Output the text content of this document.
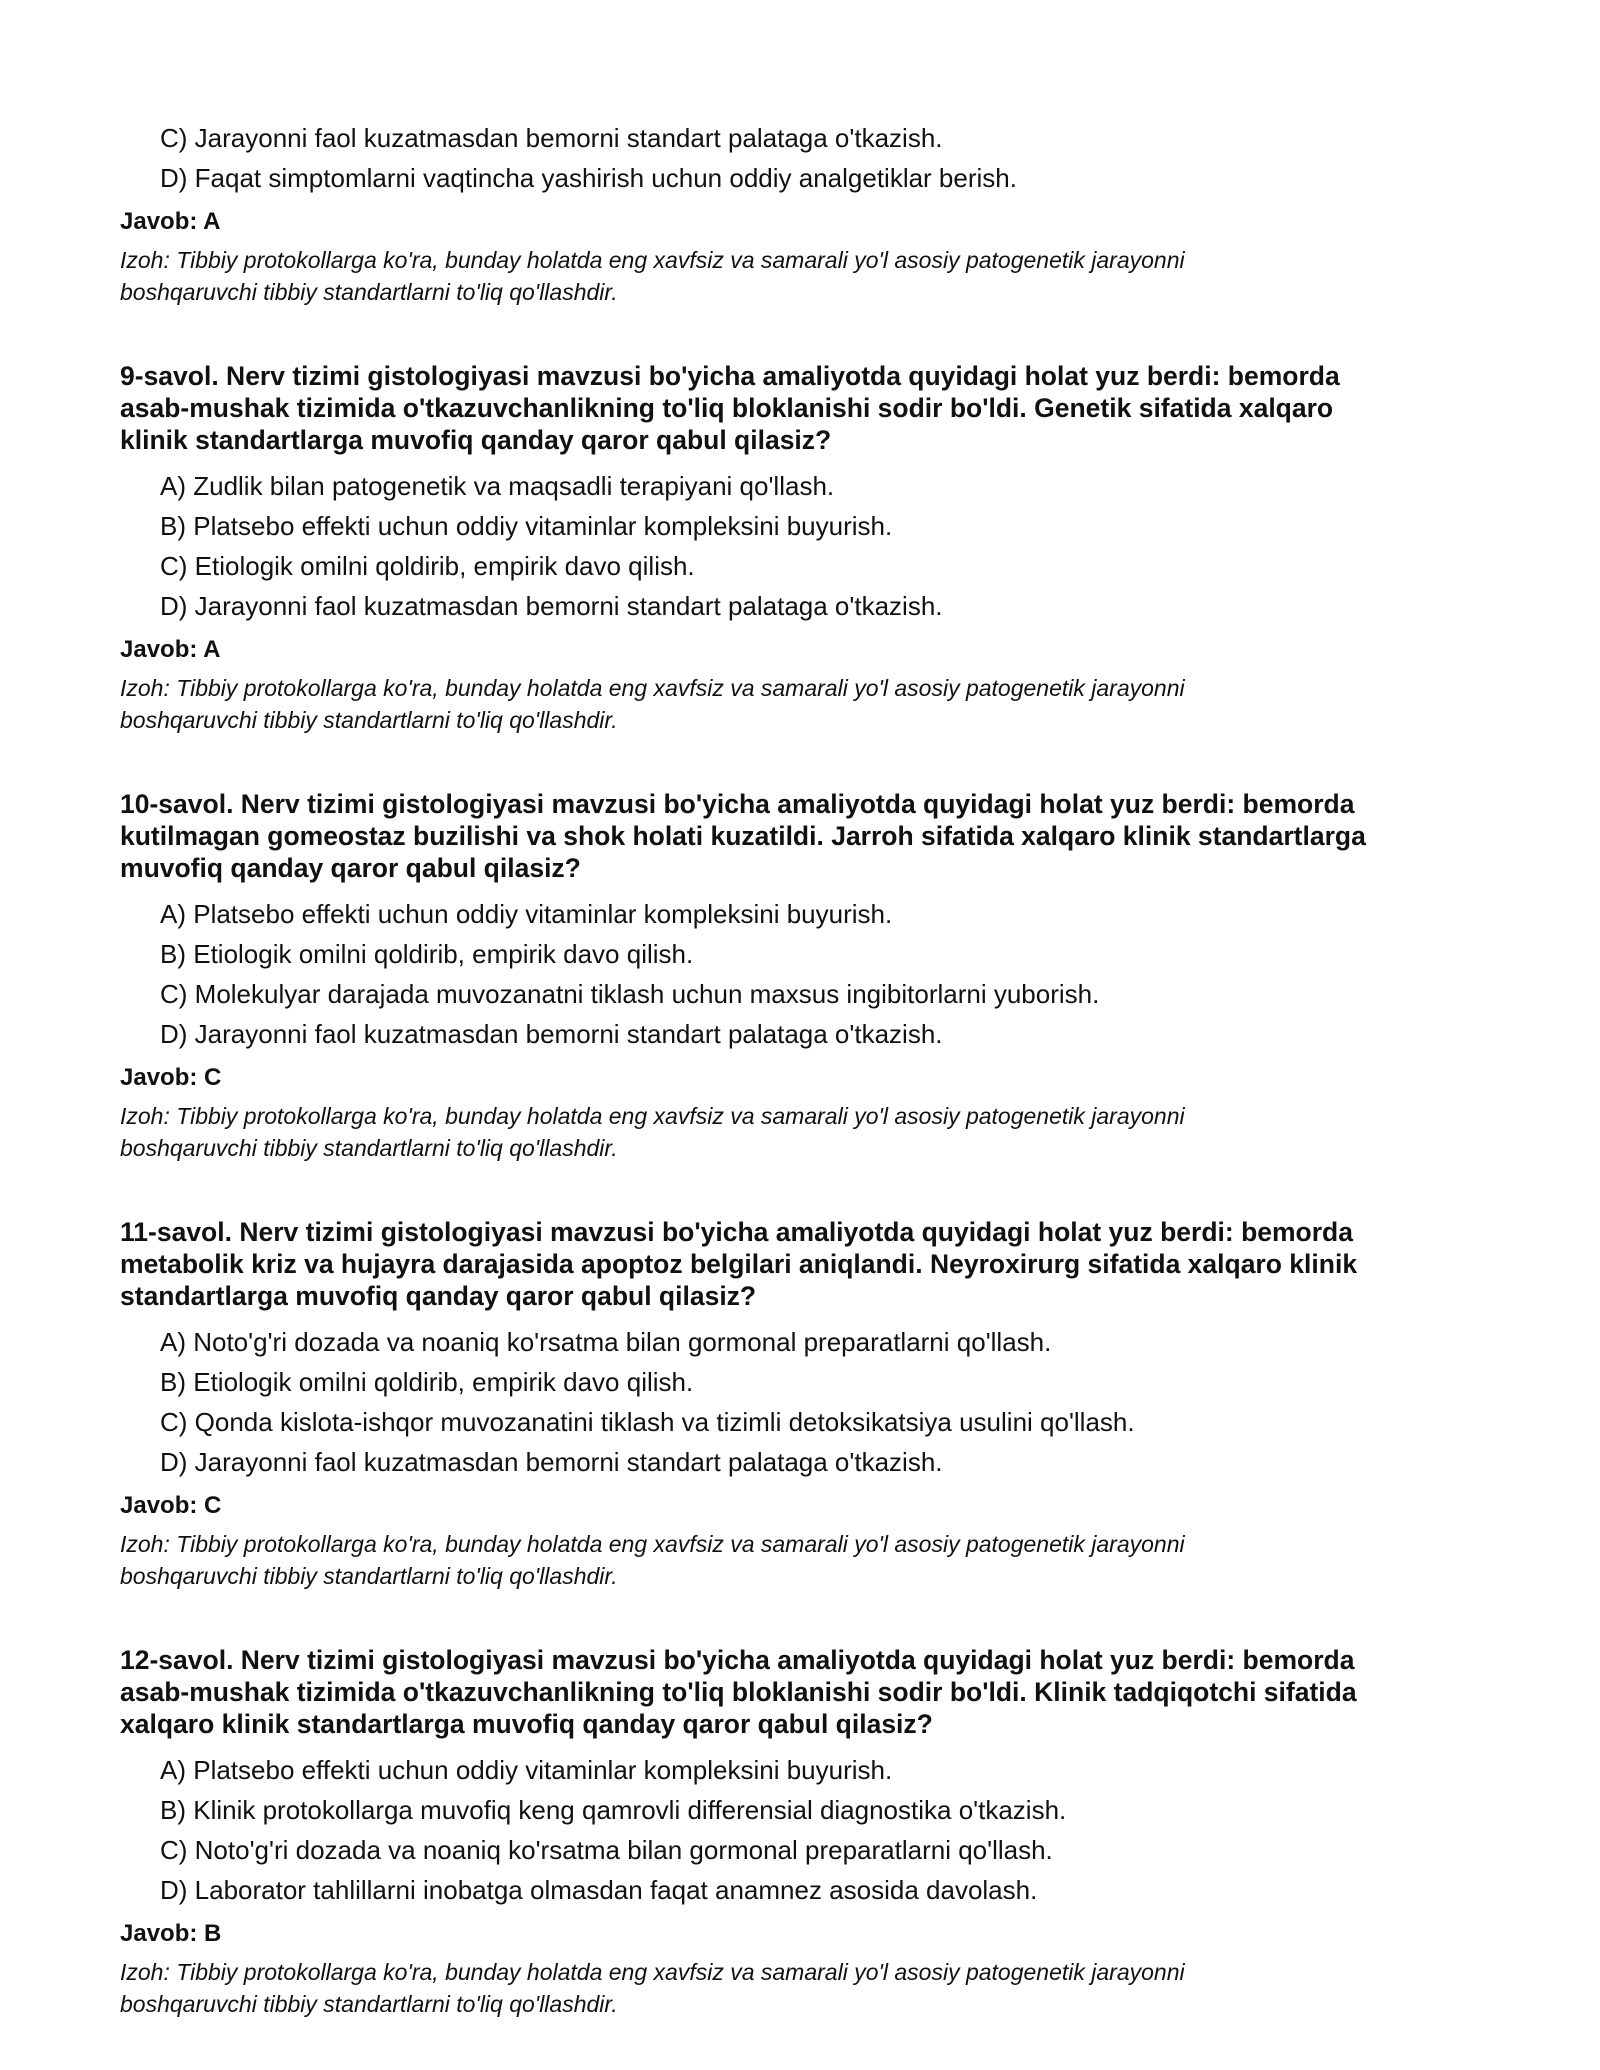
C) Jarayonni faol kuzatmasdan bemorni standart palataga o'tkazish.
D) Faqat simptomlarni vaqtincha yashirish uchun oddiy analgetiklar berish.
Javob: A
Izoh: Tibbiy protokollarga ko'ra, bunday holatda eng xavfsiz va samarali yo'l asosiy patogenetik jarayonni
boshqaruvchi tibbiy standartlarni to'liq qo'llashdir.
9-savol. Nerv tizimi gistologiyasi mavzusi bo'yicha amaliyotda quyidagi holat yuz berdi: bemorda
asab-mushak tizimida o'tkazuvchanlikning to'liq bloklanishi sodir bo'ldi. Genetik sifatida xalqaro
klinik standartlarga muvofiq qanday qaror qabul qilasiz?
A) Zudlik bilan patogenetik va maqsadli terapiyani qo'llash.
B) Platsebo effekti uchun oddiy vitaminlar kompleksini buyurish.
C) Etiologik omilni qoldirib, empirik davo qilish.
D) Jarayonni faol kuzatmasdan bemorni standart palataga o'tkazish.
Javob: A
Izoh: Tibbiy protokollarga ko'ra, bunday holatda eng xavfsiz va samarali yo'l asosiy patogenetik jarayonni
boshqaruvchi tibbiy standartlarni to'liq qo'llashdir.
10-savol. Nerv tizimi gistologiyasi mavzusi bo'yicha amaliyotda quyidagi holat yuz berdi: bemorda
kutilmagan gomeostaz buzilishi va shok holati kuzatildi. Jarroh sifatida xalqaro klinik standartlarga
muvofiq qanday qaror qabul qilasiz?
A) Platsebo effekti uchun oddiy vitaminlar kompleksini buyurish.
B) Etiologik omilni qoldirib, empirik davo qilish.
C) Molekulyar darajada muvozanatni tiklash uchun maxsus ingibitorlarni yuborish.
D) Jarayonni faol kuzatmasdan bemorni standart palataga o'tkazish.
Javob: C
Izoh: Tibbiy protokollarga ko'ra, bunday holatda eng xavfsiz va samarali yo'l asosiy patogenetik jarayonni
boshqaruvchi tibbiy standartlarni to'liq qo'llashdir.
11-savol. Nerv tizimi gistologiyasi mavzusi bo'yicha amaliyotda quyidagi holat yuz berdi: bemorda
metabolik kriz va hujayra darajasida apoptoz belgilari aniqlandi. Neyroxirurg sifatida xalqaro klinik
standartlarga muvofiq qanday qaror qabul qilasiz?
A) Noto'g'ri dozada va noaniq ko'rsatma bilan gormonal preparatlarni qo'llash.
B) Etiologik omilni qoldirib, empirik davo qilish.
C) Qonda kislota-ishqor muvozanatini tiklash va tizimli detoksikatsiya usulini qo'llash.
D) Jarayonni faol kuzatmasdan bemorni standart palataga o'tkazish.
Javob: C
Izoh: Tibbiy protokollarga ko'ra, bunday holatda eng xavfsiz va samarali yo'l asosiy patogenetik jarayonni
boshqaruvchi tibbiy standartlarni to'liq qo'llashdir.
12-savol. Nerv tizimi gistologiyasi mavzusi bo'yicha amaliyotda quyidagi holat yuz berdi: bemorda
asab-mushak tizimida o'tkazuvchanlikning to'liq bloklanishi sodir bo'ldi. Klinik tadqiqotchi sifatida
xalqaro klinik standartlarga muvofiq qanday qaror qabul qilasiz?
A) Platsebo effekti uchun oddiy vitaminlar kompleksini buyurish.
B) Klinik protokollarga muvofiq keng qamrovli differensial diagnostika o'tkazish.
C) Noto'g'ri dozada va noaniq ko'rsatma bilan gormonal preparatlarni qo'llash.
D) Laborator tahlillarni inobatga olmasdan faqat anamnez asosida davolash.
Javob: B
Izoh: Tibbiy protokollarga ko'ra, bunday holatda eng xavfsiz va samarali yo'l asosiy patogenetik jarayonni
boshqaruvchi tibbiy standartlarni to'liq qo'llashdir.
